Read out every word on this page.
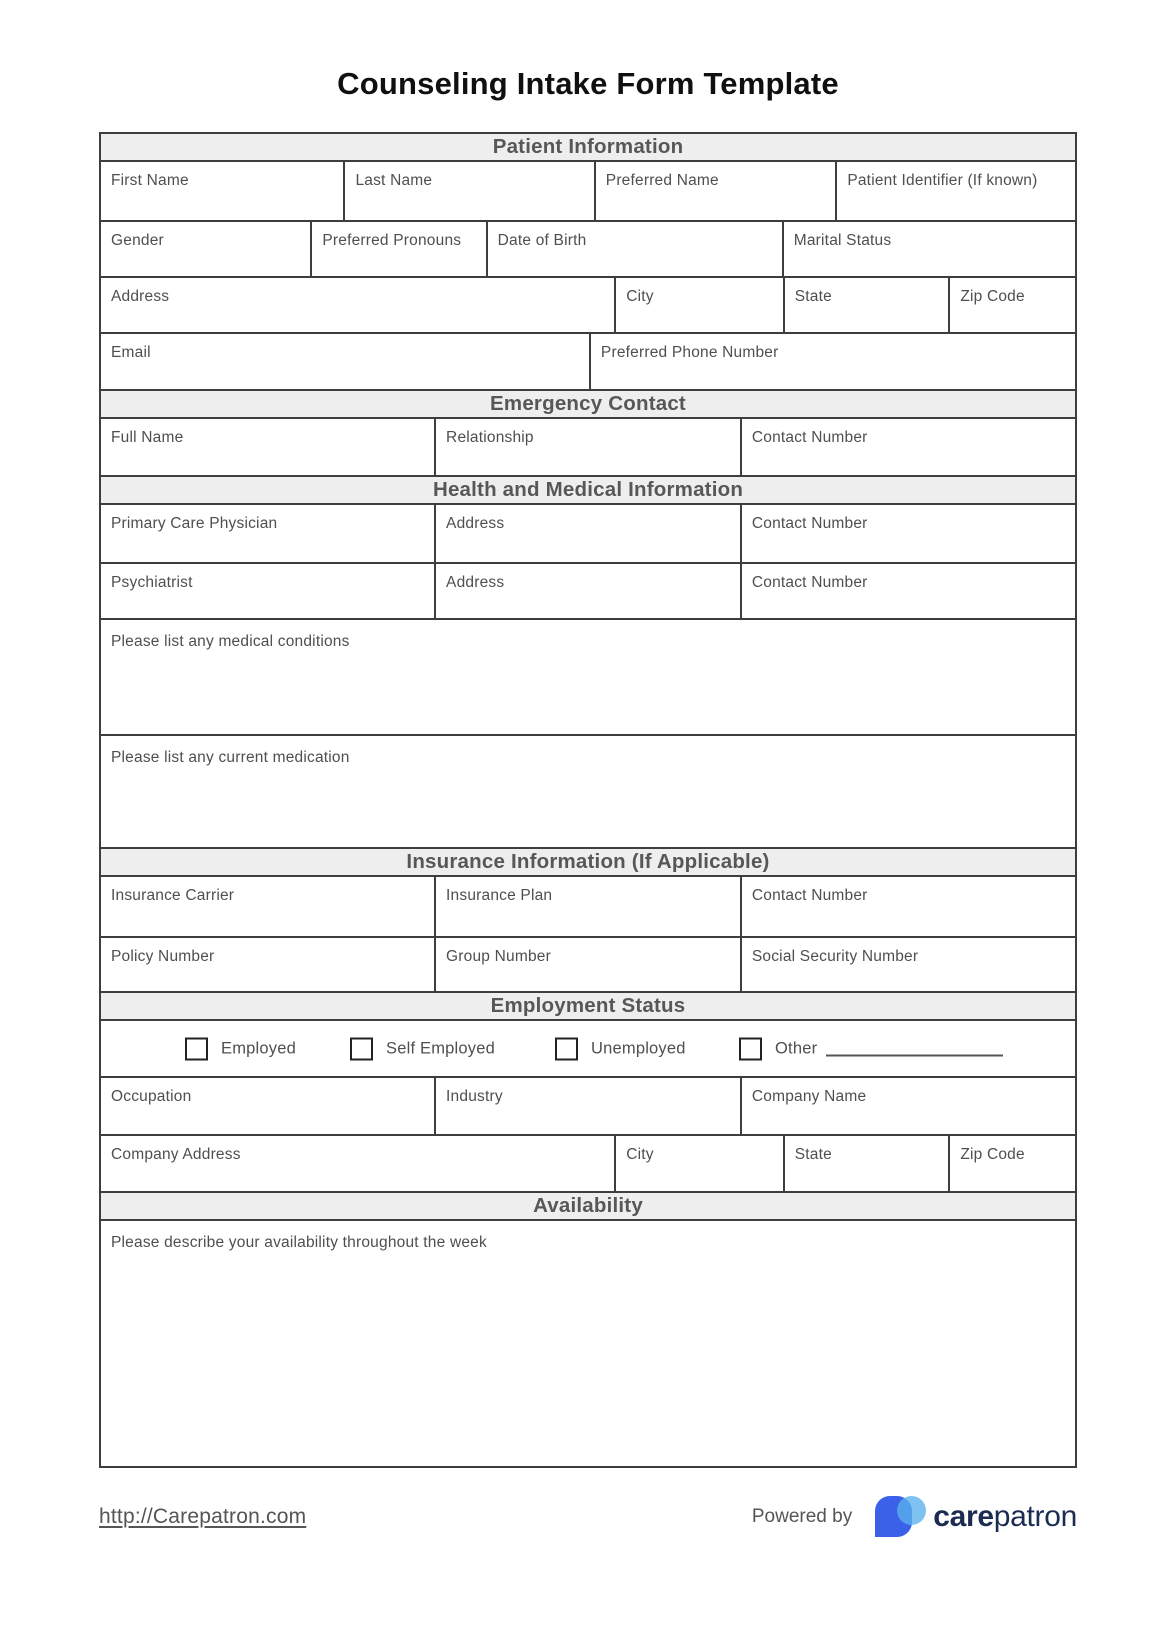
Counseling Intake Form Template
Patient Information
First Name	Last Name	Preferred Name	Patient Identifier (If known)
Gender	Preferred Pronouns	Date of Birth	Marital Status
Address	City	State	Zip Code
Email	Preferred Phone Number
Emergency Contact
Full Name	Relationship	Contact Number
Health and Medical Information
Primary Care Physician	Address	Contact Number
Psychiatrist	Address	Contact Number
Please list any medical conditions
Please list any current medication
Insurance Information (If Applicable)
Insurance Carrier	Insurance Plan	Contact Number
Policy Number	Group Number	Social Security Number
Employment Status
Employed	Self Employed	Unemployed	Other
Occupation	Industry	Company Name
Company Address	City	State	Zip Code
Availability
Please describe your availability throughout the week
http://Carepatron.com	Powered by	carepatron
